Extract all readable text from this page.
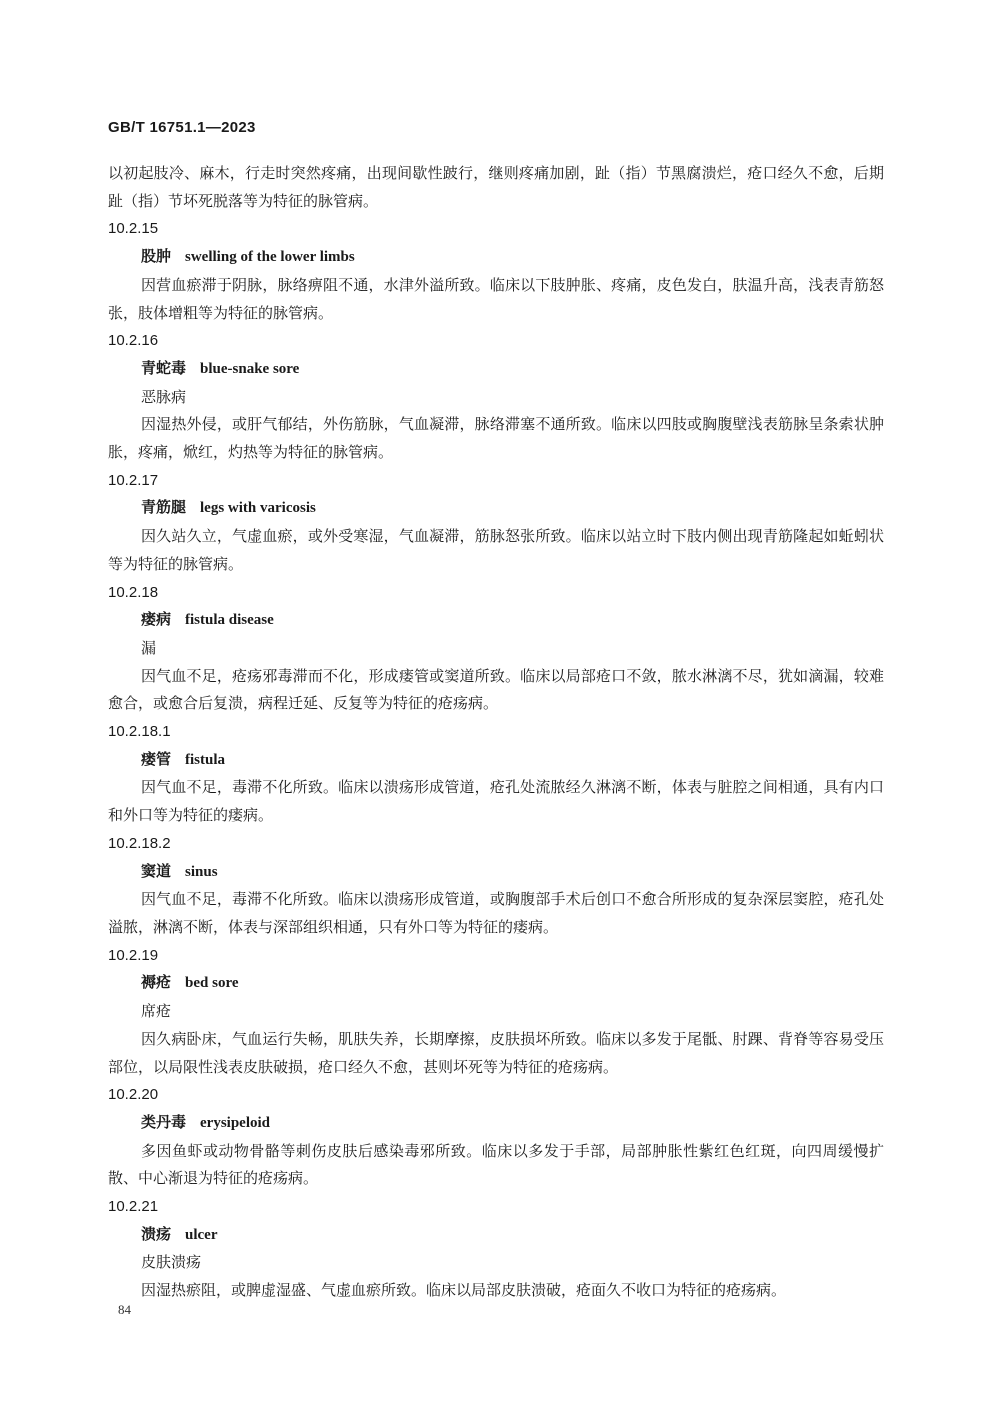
GB/T 16751.1—2023

以初起肢冷、麻木，行走时突然疼痛，出现间歇性跛行，继则疼痛加剧，趾（指）节黑腐溃烂，疮口经久不愈，后期趾（指）节坏死脱落等为特征的脉管病。

10.2.15

股肿 swelling of the lower limbs

因营血瘀滞于阴脉，脉络痹阻不通，水津外溢所致。临床以下肢肿胀、疼痛，皮色发白，肤温升高，浅表青筋怒张，肢体增粗等为特征的脉管病。

10.2.16

青蛇毒 blue-snake sore

恶脉病

因湿热外侵，或肝气郁结，外伤筋脉，气血凝滞，脉络滞塞不通所致。临床以四肢或胸腹壁浅表筋脉呈条索状肿胀，疼痛，焮红，灼热等为特征的脉管病。

10.2.17

青筋腿 legs with varicosis

因久站久立，气虚血瘀，或外受寒湿，气血凝滞，筋脉怒张所致。临床以站立时下肢内侧出现青筋隆起如蚯蚓状等为特征的脉管病。

10.2.18

瘘病 fistula disease

漏

因气血不足，疮疡邪毒滞而不化，形成瘘管或窦道所致。临床以局部疮口不敛，脓水淋漓不尽，犹如滴漏，较难愈合，或愈合后复溃，病程迁延、反复等为特征的疮疡病。

10.2.18.1

瘘管 fistula

因气血不足，毒滞不化所致。临床以溃疡形成管道，疮孔处流脓经久淋漓不断，体表与脏腔之间相通，具有内口和外口等为特征的瘘病。

10.2.18.2

窦道 sinus

因气血不足，毒滞不化所致。临床以溃疡形成管道，或胸腹部手术后创口不愈合所形成的复杂深层窦腔，疮孔处溢脓，淋漓不断，体表与深部组织相通，只有外口等为特征的瘘病。

10.2.19

褥疮 bed sore

席疮

因久病卧床，气血运行失畅，肌肤失养，长期摩擦，皮肤损坏所致。临床以多发于尾骶、肘踝、背脊等容易受压部位，以局限性浅表皮肤破损，疮口经久不愈，甚则坏死等为特征的疮疡病。

10.2.20

类丹毒 erysipeloid

多因鱼虾或动物骨骼等刺伤皮肤后感染毒邪所致。临床以多发于手部，局部肿胀性紫红色红斑，向四周缓慢扩散、中心渐退为特征的疮疡病。

10.2.21

溃疡 ulcer

皮肤溃疡

因湿热瘀阻，或脾虚湿盛、气虚血瘀所致。临床以局部皮肤溃破，疮面久不收口为特征的疮疡病。

84
